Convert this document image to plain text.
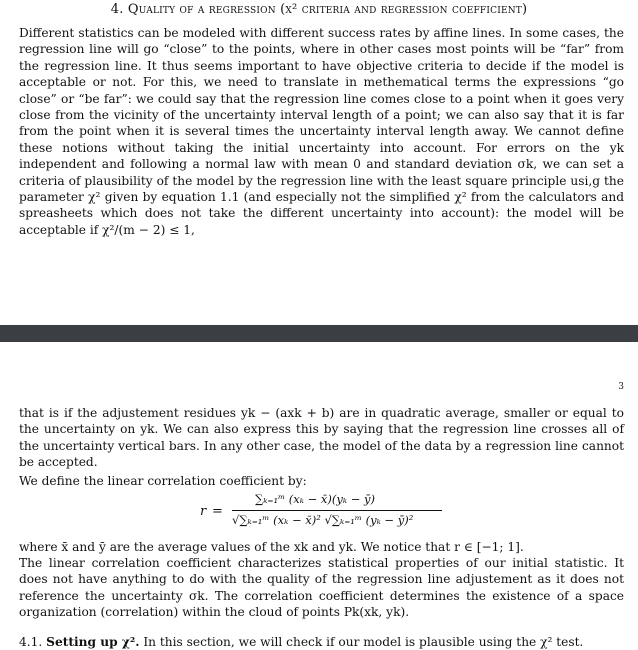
4. Quality of a regression (χ² criteria and regression coefficient)

Different statistics can be modeled with different success rates by affine lines. In some cases, the regression line will go “close” to the points, where in other cases most points will be “far” from the regression line. It thus seems important to have objective criteria to decide if the model is acceptable or not. For this, we need to translate in methematical terms the expressions “go close” or “be far”: we could say that the regression line comes close to a point when it goes very close from the vicinity of the uncertainty interval length of a point; we can also say that it is far from the point when it is several times the uncertainty interval length away. We cannot define these notions without taking the initial uncertainty into account. For errors on the yk independent and following a normal law with mean 0 and standard deviation σk, we can set a criteria of plausibility of the model by the regression line with the least square principle usi,g the parameter χ² given by equation 1.1 (and especially not the simplified χ² from the calculators and spreasheets which does not take the different uncertainty into account): the model will be acceptable if χ²/(m − 2) ≤ 1,

3

that is if the adjustement residues yk − (axk + b) are in quadratic average, smaller or equal to the uncertainty on yk. We can also express this by saying that the regression line crosses all of the uncertainty vertical bars. In any other case, the model of the data by a regression line cannot be accepted.

We define the linear correlation coefficient by:

r =
∑ₖ₌₁ᵐ (xₖ − x̄)(yₖ − ȳ)
√∑ₖ₌₁ᵐ (xₖ − x̄)² √∑ₖ₌₁ᵐ (yₖ − ȳ)²

where x̄ and ȳ are the average values of the xk and yk. We notice that r ∈ [−1; 1].

The linear correlation coefficient characterizes statistical properties of our initial statistic. It does not have anything to do with the quality of the regression line adjustement as it does not reference the uncertainty σk. The correlation coefficient determines the existence of a space organization (correlation) within the cloud of points Pk(xk, yk).

4.1. Setting up χ². In this section, we will check if our model is plausible using the χ² test.
